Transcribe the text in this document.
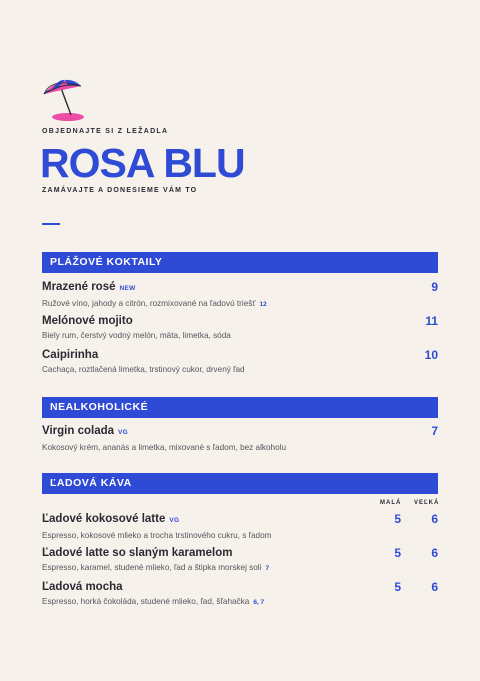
OBJEDNAJTE SI Z LEŽADLA
ROSA BLU
ZAMÁVAJTE A DONESIEME VÁM TO
PLÁŽOVÉ KOKTAILY
Mrazené rosé NEW
Ružové víno, jahody a citrón, rozmixované na ľadovú triešť 12
9
Melónové mojito
Biely rum, čerstvý vodný melón, mäta, limetka, sóda
11
Caipirinha
Cachaça, roztlačená limetka, trstinový cukor, drvený ľad
10
NEALKOHOLICKÉ
Virgin colada VG
Kokosový krém, ananás a limetka, mixované s ľadom, bez alkoholu
7
ĽADOVÁ KÁVA
MALÁ VEĽKÁ
Ľadové kokosové latte VG
Espresso, kokosové mlieko a trocha trstinového cukru, s ľadom
5	6
Ľadové latte so slaným karamelom
Espresso, karamel, studené mlieko, ľad a štipka morskej soli 7
5	6
Ľadová mocha
Espresso, horká čokoláda, studené mlieko, ľad, šľahačka 6, 7
5	6
